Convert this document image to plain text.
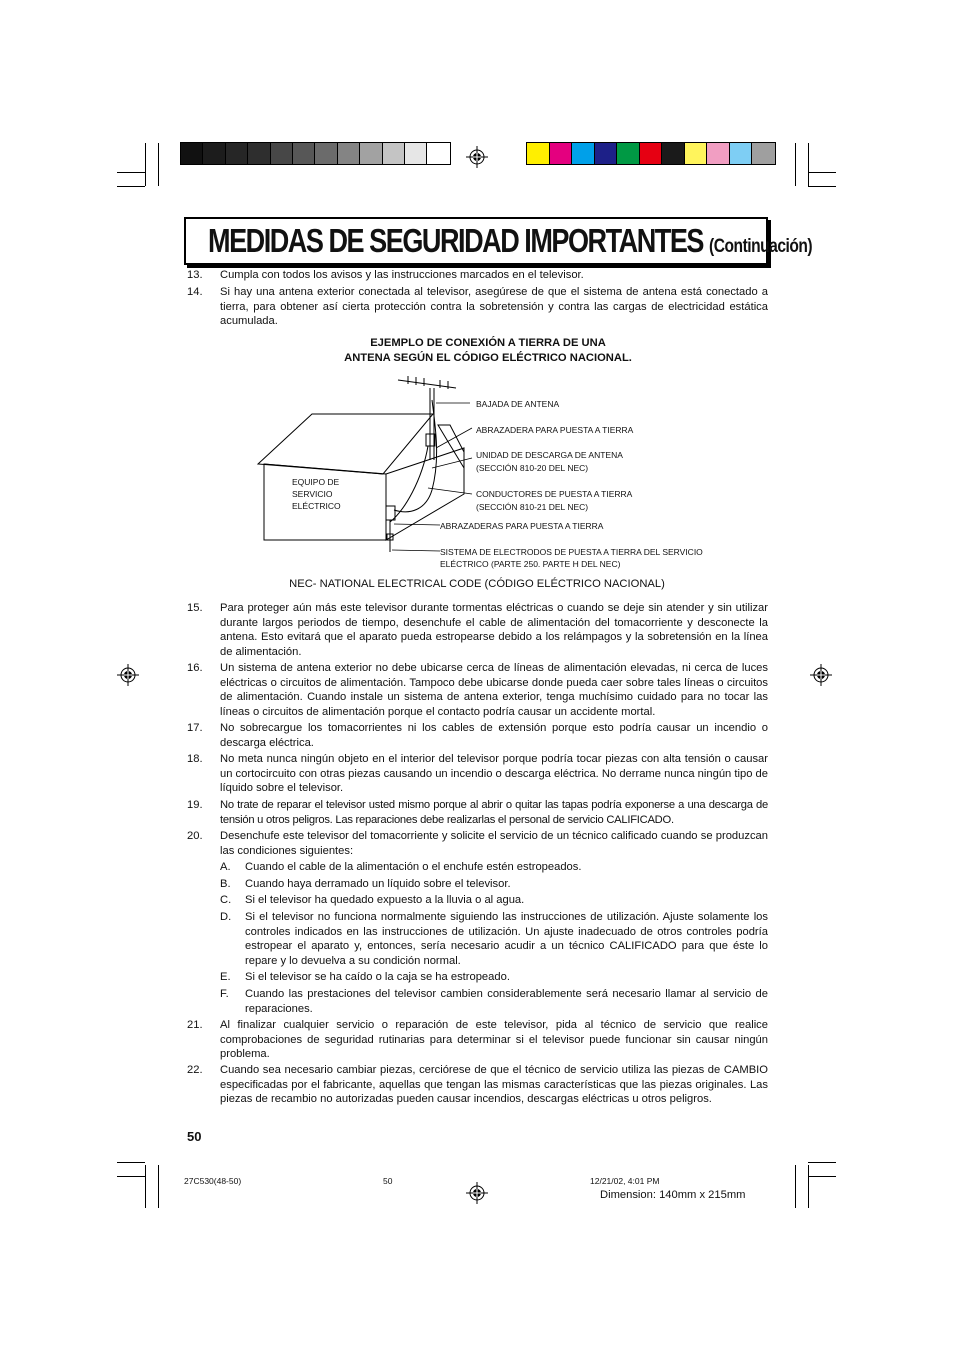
MEDIDAS DE SEGURIDAD IMPORTANTES (Continuación)
13. Cumpla con todos los avisos y las instrucciones marcados en el televisor.
14. Si hay una antena exterior conectada al televisor, asegúrese de que el sistema de antena está conectado a tierra, para obtener así cierta protección contra la sobretensión y contra las cargas de electricidad estática acumulada.
EJEMPLO DE CONEXIÓN A TIERRA DE UNA
ANTENA SEGÚN EL CÓDIGO ELÉCTRICO NACIONAL.
BAJADA DE ANTENA
ABRAZADERA PARA PUESTA A TIERRA
UNIDAD DE DESCARGA DE ANTENA
(SECCIÓN 810-20 DEL NEC)
CONDUCTORES DE PUESTA A TIERRA
(SECCIÓN 810-21 DEL NEC)
ABRAZADERAS PARA PUESTA A TIERRA
SISTEMA DE ELECTRODOS DE PUESTA A TIERRA DEL SERVICIO
ELÉCTRICO (PARTE 250. PARTE H DEL NEC)
EQUIPO DE
SERVICIO
ELÉCTRICO
NEC- NATIONAL ELECTRICAL CODE (CÓDIGO ELÉCTRICO NACIONAL)
15. Para proteger aún más este televisor durante tormentas eléctricas o cuando se deje sin atender y sin utilizar durante largos periodos de tiempo, desenchufe el cable de alimentación del tomacorriente y desconecte la antena. Esto evitará que el aparato pueda estropearse debido a los relámpagos y la sobretensión en la línea de alimentación.
16. Un sistema de antena exterior no debe ubicarse cerca de líneas de alimentación elevadas, ni cerca de luces eléctricas o circuitos de alimentación. Tampoco debe ubicarse donde pueda caer sobre tales líneas o circuitos de alimentación. Cuando instale un sistema de antena exterior, tenga muchísimo cuidado para no tocar las líneas o circuitos de alimentación porque el contacto podría causar un accidente mortal.
17. No sobrecargue los tomacorrientes ni los cables de extensión porque esto podría causar un incendio o descarga eléctrica.
18. No meta nunca ningún objeto en el interior del televisor porque podría tocar piezas con alta tensión o causar un cortocircuito con otras piezas causando un incendio o descarga eléctrica. No derrame nunca ningún tipo de líquido sobre el televisor.
19. No trate de reparar el televisor usted mismo porque al abrir o quitar las tapas podría exponerse a una descarga de tensión u otros peligros. Las reparaciones debe realizarlas el personal de servicio CALIFICADO.
20. Desenchufe este televisor del tomacorriente y solicite el servicio de un técnico calificado cuando se produzcan las condiciones siguientes:
A. Cuando el cable de la alimentación o el enchufe estén estropeados.
B. Cuando haya derramado un líquido sobre el televisor.
C. Si el televisor ha quedado expuesto a la lluvia o al agua.
D. Si el televisor no funciona normalmente siguiendo las instrucciones de utilización. Ajuste solamente los controles indicados en las instrucciones de utilización. Un ajuste inadecuado de otros controles podría estropear el aparato y, entonces, sería necesario acudir a un técnico CALIFICADO para que éste lo repare y lo devuelva a su condición normal.
E. Si el televisor se ha caído o la caja se ha estropeado.
F. Cuando las prestaciones del televisor cambien considerablemente será necesario llamar al servicio de reparaciones.
21. Al finalizar cualquier servicio o reparación de este televisor, pida al técnico de servicio que realice comprobaciones de seguridad rutinarias para determinar si el televisor puede funcionar sin causar ningún problema.
22. Cuando sea necesario cambiar piezas, cerciórese de que el técnico de servicio utiliza las piezas de CAMBIO especificadas por el fabricante, aquellas que tengan las mismas características que las piezas originales. Las piezas de recambio no autorizadas pueden causar incendios, descargas eléctricas u otros peligros.
50
27C530(48-50)	50	12/21/02, 4:01 PM
Dimension: 140mm x 215mm
